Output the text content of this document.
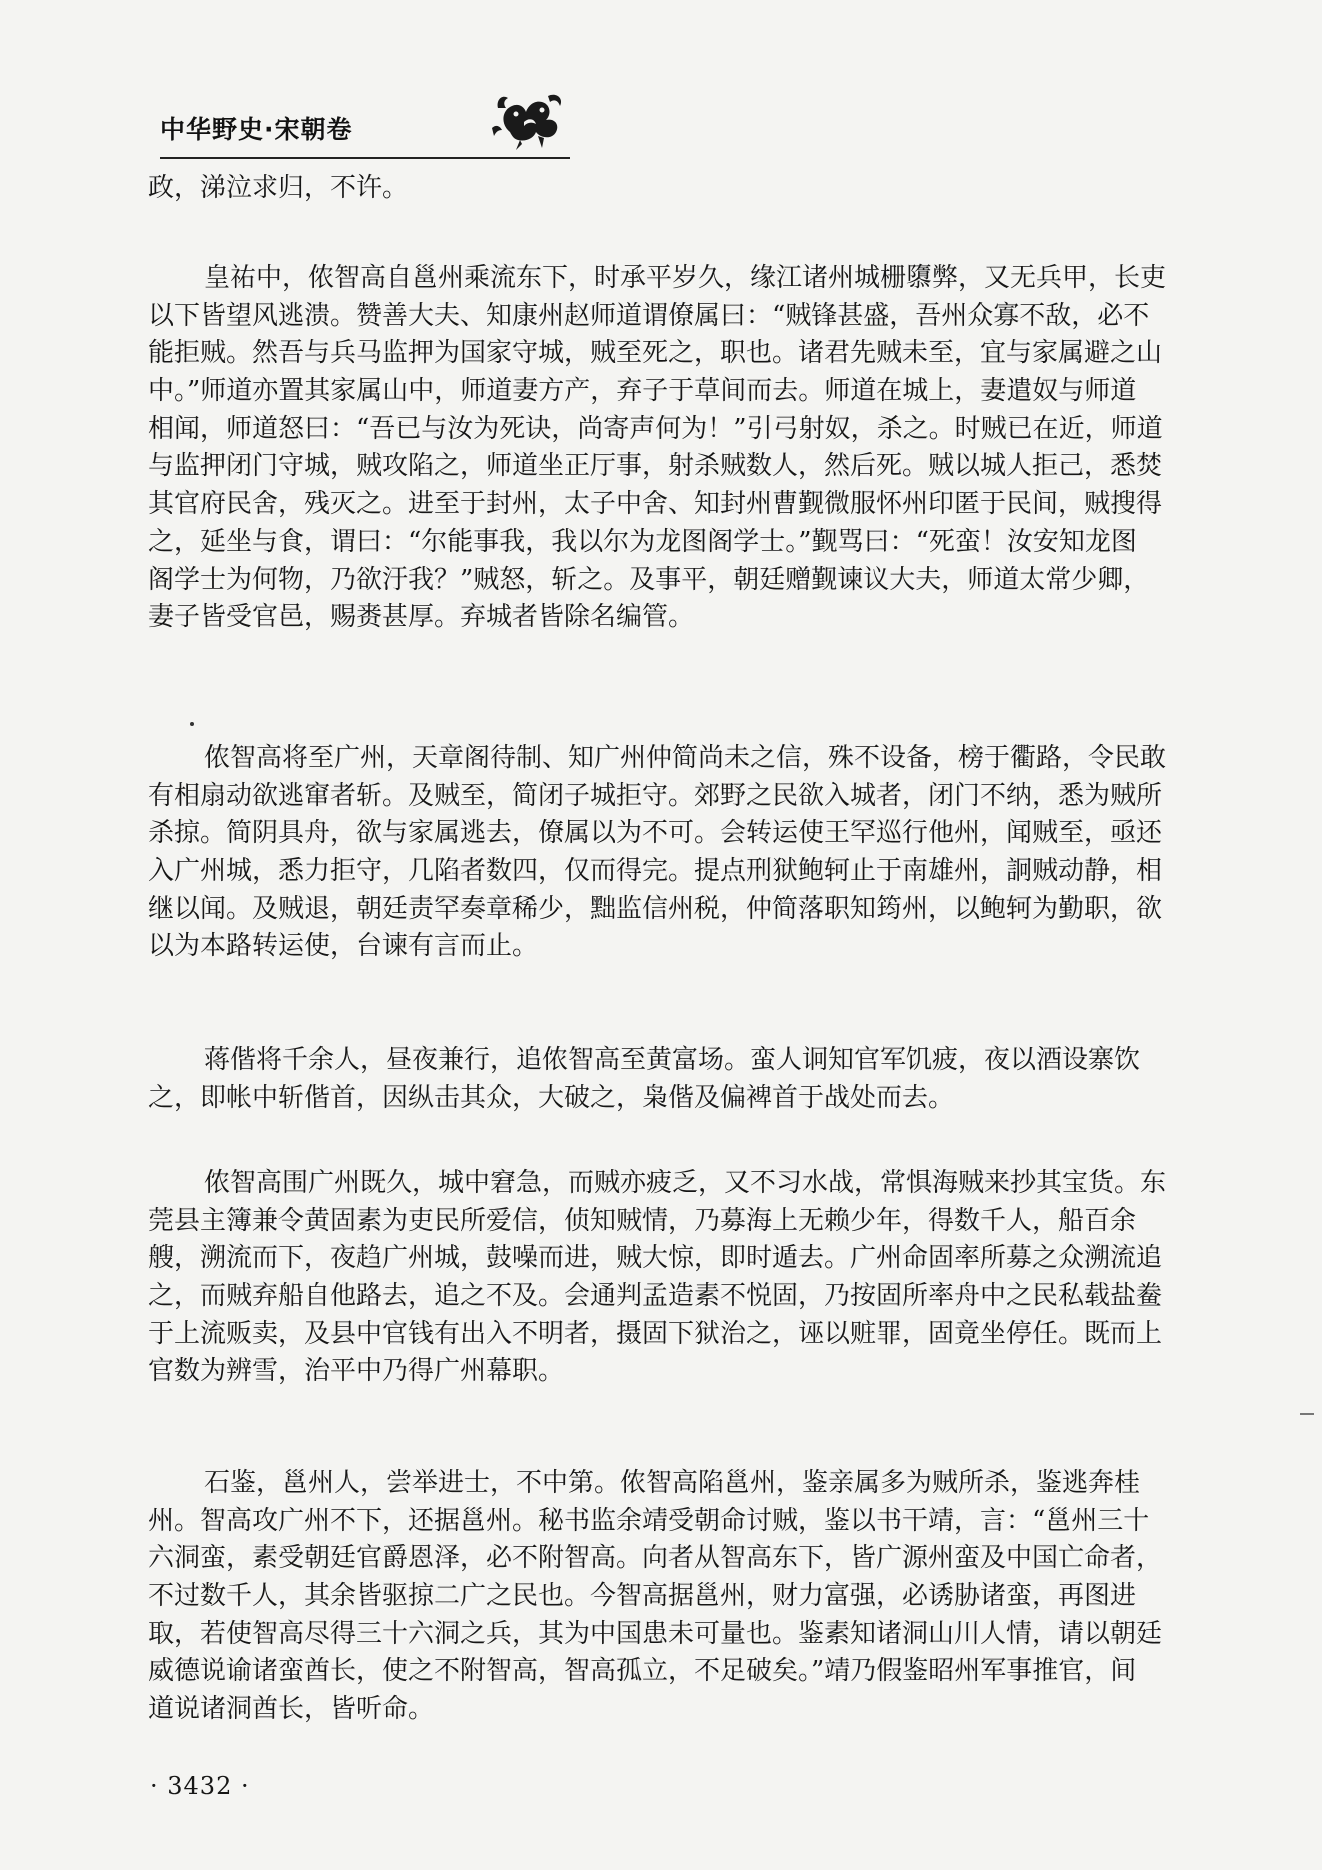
中华野史·宋朝卷
政，涕泣求归，不许。
皇祐中，侬智高自邕州乘流东下，时承平岁久，缘江诸州城栅隳弊，又无兵甲，长吏
以下皆望风逃溃。赞善大夫、知康州赵师道谓僚属曰：“贼锋甚盛，吾州众寡不敌，必不
能拒贼。然吾与兵马监押为国家守城，贼至死之，职也。诸君先贼未至，宜与家属避之山
中。”师道亦置其家属山中，师道妻方产，弃子于草间而去。师道在城上，妻遣奴与师道
相闻，师道怒曰：“吾已与汝为死诀，尚寄声何为！”引弓射奴，杀之。时贼已在近，师道
与监押闭门守城，贼攻陷之，师道坐正厅事，射杀贼数人，然后死。贼以城人拒己，悉焚
其官府民舍，残灭之。进至于封州，太子中舍、知封州曹觐微服怀州印匿于民间，贼搜得
之，延坐与食，谓曰：“尔能事我，我以尔为龙图阁学士。”觐骂曰：“死蛮！汝安知龙图
阁学士为何物，乃欲汙我？”贼怒，斩之。及事平，朝廷赠觐谏议大夫，师道太常少卿，
妻子皆受官邑，赐赉甚厚。弃城者皆除名编管。
侬智高将至广州，天章阁待制、知广州仲简尚未之信，殊不设备，榜于衢路，令民敢
有相扇动欲逃窜者斩。及贼至，简闭子城拒守。郊野之民欲入城者，闭门不纳，悉为贼所
杀掠。简阴具舟，欲与家属逃去，僚属以为不可。会转运使王罕巡行他州，闻贼至，亟还
入广州城，悉力拒守，几陷者数四，仅而得完。提点刑狱鲍轲止于南雄州，詗贼动静，相
继以闻。及贼退，朝廷责罕奏章稀少，黜监信州税，仲简落职知筠州，以鲍轲为勤职，欲
以为本路转运使，台谏有言而止。
蒋偕将千余人，昼夜兼行，追侬智高至黄富场。蛮人诇知官军饥疲，夜以酒设寨饮
之，即帐中斩偕首，因纵击其众，大破之，枭偕及偏裨首于战处而去。
侬智高围广州既久，城中窘急，而贼亦疲乏，又不习水战，常惧海贼来抄其宝货。东
莞县主簿兼令黄固素为吏民所爱信，侦知贼情，乃募海上无赖少年，得数千人，船百余
艘，溯流而下，夜趋广州城，鼓噪而进，贼大惊，即时遁去。广州命固率所募之众溯流追
之，而贼弃船自他路去，追之不及。会通判孟造素不悦固，乃按固所率舟中之民私载盐鲞
于上流贩卖，及县中官钱有出入不明者，摄固下狱治之，诬以赃罪，固竟坐停任。既而上
官数为辨雪，治平中乃得广州幕职。
石鉴，邕州人，尝举进士，不中第。侬智高陷邕州，鉴亲属多为贼所杀，鉴逃奔桂
州。智高攻广州不下，还据邕州。秘书监余靖受朝命讨贼，鉴以书干靖，言：“邕州三十
六洞蛮，素受朝廷官爵恩泽，必不附智高。向者从智高东下，皆广源州蛮及中国亡命者，
不过数千人，其余皆驱掠二广之民也。今智高据邕州，财力富强，必诱胁诸蛮，再图进
取，若使智高尽得三十六洞之兵，其为中国患未可量也。鉴素知诸洞山川人情，请以朝廷
威德说谕诸蛮酋长，使之不附智高，智高孤立，不足破矣。”靖乃假鉴昭州军事推官，间
道说诸洞酋长，皆听命。
· 3432 ·
